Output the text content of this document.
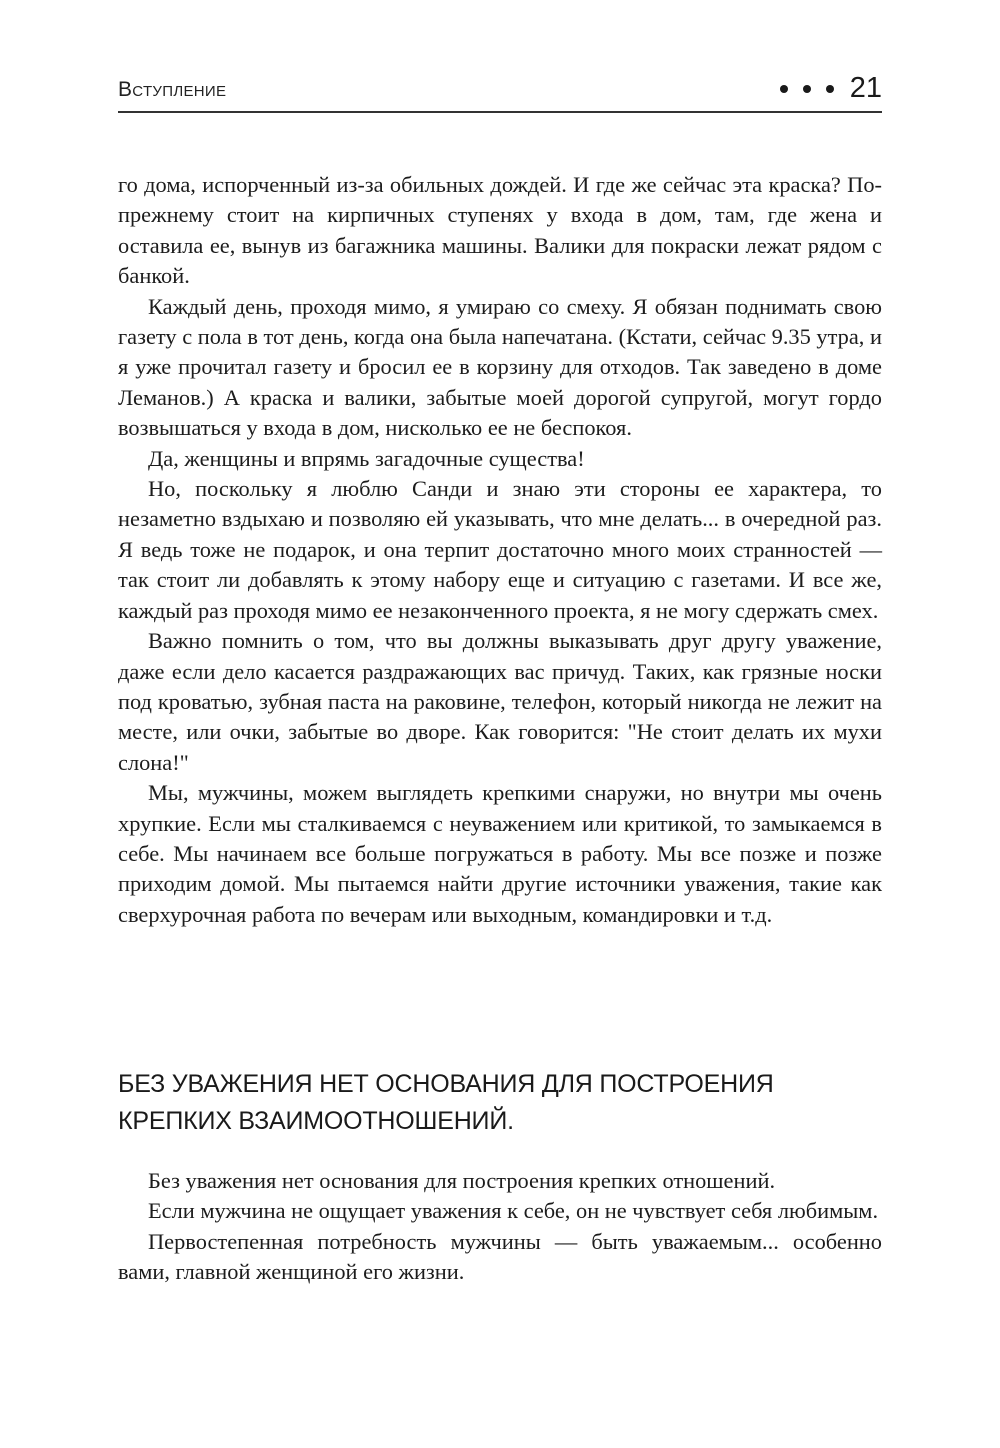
Вступление	21

го дома, испорченный из-за обильных дождей. И где же сейчас эта краска? По-прежнему стоит на кирпичных ступенях у входа в дом, там, где жена и оставила ее, вынув из багажника машины. Валики для покраски лежат рядом с банкой.

Каждый день, проходя мимо, я умираю со смеху. Я обязан поднимать свою газету с пола в тот день, когда она была напечатана. (Кстати, сейчас 9.35 утра, и я уже прочитал газету и бросил ее в корзину для отходов. Так заведено в доме Леманов.) А краска и валики, забытые моей дорогой супругой, могут гордо возвышаться у входа в дом, нисколько ее не беспокоя.

Да, женщины и впрямь загадочные существа!

Но, поскольку я люблю Санди и знаю эти стороны ее характера, то незаметно вздыхаю и позволяю ей указывать, что мне делать... в очередной раз. Я ведь тоже не подарок, и она терпит достаточно много моих странностей — так стоит ли добавлять к этому набору еще и ситуацию с газетами. И все же, каждый раз проходя мимо ее незаконченного проекта, я не могу сдержать смех.

Важно помнить о том, что вы должны выказывать друг другу уважение, даже если дело касается раздражающих вас причуд. Таких, как грязные носки под кроватью, зубная паста на раковине, телефон, который никогда не лежит на месте, или очки, забытые во дворе. Как говорится: "Не стоит делать их мухи слона!"

Мы, мужчины, можем выглядеть крепкими снаружи, но внутри мы очень хрупкие. Если мы сталкиваемся с неуважением или критикой, то замыкаемся в себе. Мы начинаем все больше погружаться в работу. Мы все позже и позже приходим домой. Мы пытаемся найти другие источники уважения, такие как сверхурочная работа по вечерам или выходным, командировки и т.д.

БЕЗ УВАЖЕНИЯ НЕТ ОСНОВАНИЯ ДЛЯ ПОСТРОЕНИЯ КРЕПКИХ ВЗАИМООТНОШЕНИЙ.

Без уважения нет основания для построения крепких отношений.

Если мужчина не ощущает уважения к себе, он не чувствует себя любимым.

Первостепенная потребность мужчины — быть уважаемым... особенно вами, главной женщиной его жизни.
